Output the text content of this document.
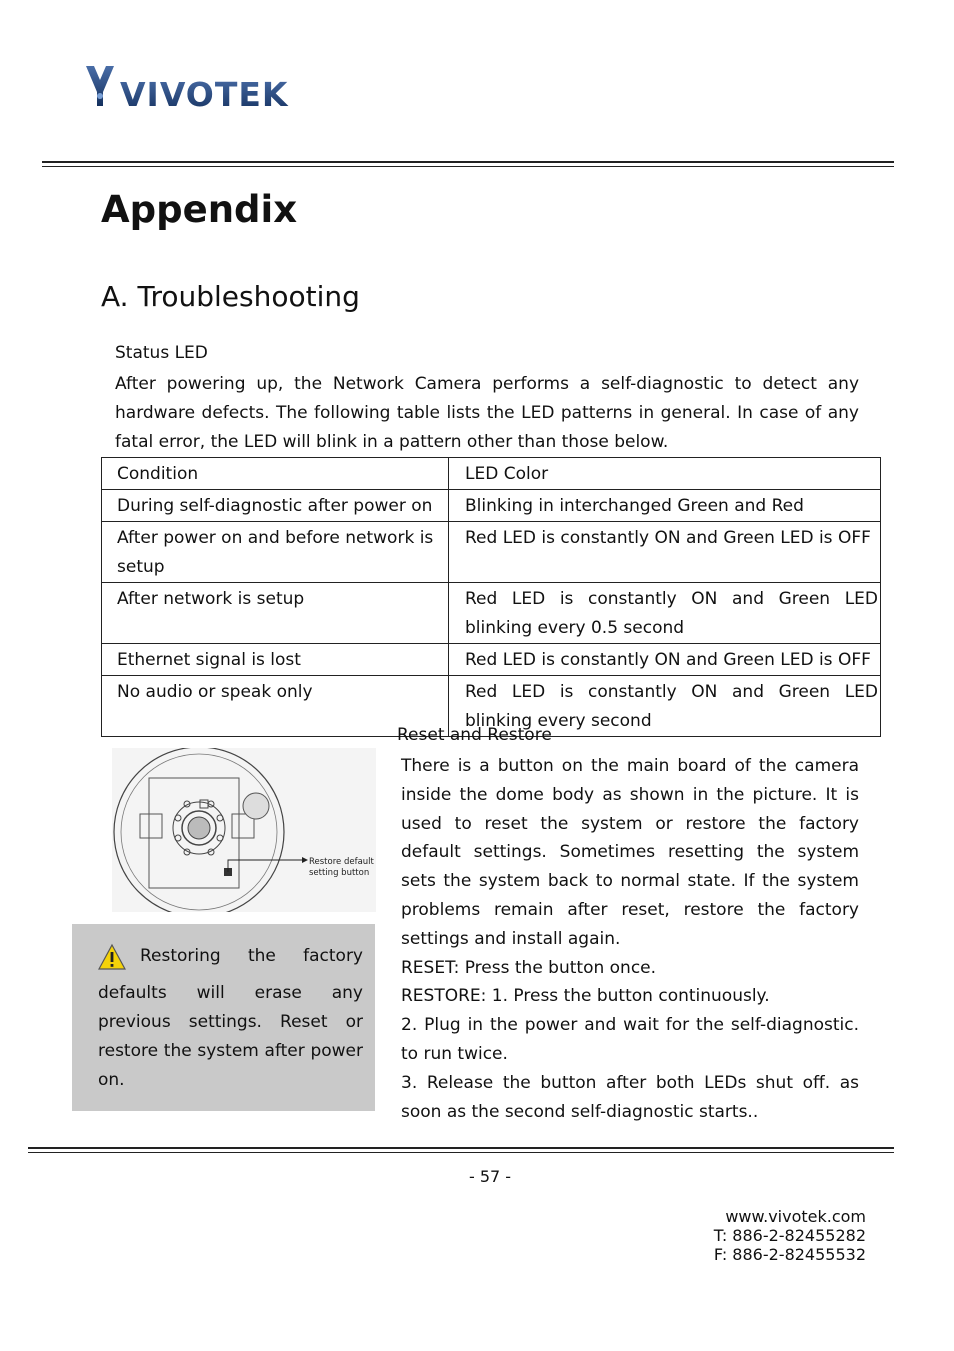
VIVOTEK
Appendix
A. Troubleshooting
Status LED

After powering up, the Network Camera performs a self-diagnostic to detect any hardware defects. The following table lists the LED patterns in general. In case of any fatal error, the LED will blink in a pattern other than those below.

Condition	LED Color
During self-diagnostic after power on	Blinking in interchanged Green and Red
After power on and before network is setup	Red LED is constantly ON and Green LED is OFF
After network is setup	Red LED is constantly ON and Green LED blinking every 0.5 second
Ethernet signal is lost	Red LED is constantly ON and Green LED is OFF
No audio or speak only	Red LED is constantly ON and Green LED blinking every second
Restore default
setting button
Restoring the factory

defaults will erase any previous settings. Reset or restore the system after power on.

Reset and Restore

There is a button on the main board of the camera inside the dome body as shown in the picture. It is used to reset the system or restore the factory default settings. Sometimes resetting the system sets the system back to normal state. If the system problems remain after reset, restore the factory settings and install again.

RESET: Press the button once.

RESTORE: 1. Press the button continuously.

2. Plug in the power and wait for the self-diagnostic. to run twice.

3. Release the button after both LEDs shut off. as soon as the second self-diagnostic starts..

- 57 -
www.vivotek.com
T: 886-2-82455282
F: 886-2-82455532
